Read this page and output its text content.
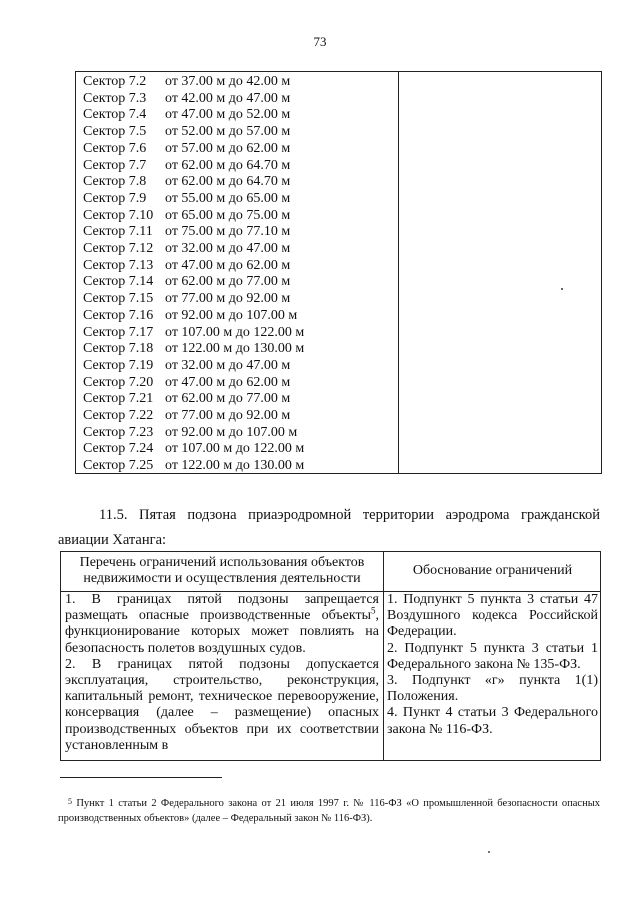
73
Сектор 7.2 от 37.00 м до 42.00 м
Сектор 7.3 от 42.00 м до 47.00 м
Сектор 7.4 от 47.00 м до 52.00 м
Сектор 7.5 от 52.00 м до 57.00 м
Сектор 7.6 от 57.00 м до 62.00 м
Сектор 7.7 от 62.00 м до 64.70 м
Сектор 7.8 от 62.00 м до 64.70 м
Сектор 7.9 от 55.00 м до 65.00 м
Сектор 7.10 от 65.00 м до 75.00 м
Сектор 7.11 от 75.00 м до 77.10 м
Сектор 7.12 от 32.00 м до 47.00 м
Сектор 7.13 от 47.00 м до 62.00 м
Сектор 7.14 от 62.00 м до 77.00 м
Сектор 7.15 от 77.00 м до 92.00 м
Сектор 7.16 от 92.00 м до 107.00 м
Сектор 7.17 от 107.00 м до 122.00 м
Сектор 7.18 от 122.00 м до 130.00 м
Сектор 7.19 от 32.00 м до 47.00 м
Сектор 7.20 от 47.00 м до 62.00 м
Сектор 7.21 от 62.00 м до 77.00 м
Сектор 7.22 от 77.00 м до 92.00 м
Сектор 7.23 от 92.00 м до 107.00 м
Сектор 7.24 от 107.00 м до 122.00 м
Сектор 7.25 от 122.00 м до 130.00 м
11.5. Пятая подзона приаэродромной территории аэродрома гражданской авиации Хатанга:
Перечень ограничений использования объектов недвижимости и осуществления деятельности
Обоснование ограничений

1. В границах пятой подзоны запрещается размещать опасные производственные объекты$^5$, функционирование которых может повлиять на безопасность полетов воздушных судов.

2. В границах пятой подзоны допускается эксплуатация, строительство, реконструкция, капитальный ремонт, техническое перевооружение, консервация (далее – размещение) опасных производственных объектов при их соответствии установленным в

1. Подпункт 5 пункта 3 статьи 47 Воздушного кодекса Российской Федерации.

2. Подпункт 5 пункта 3 статьи 1 Федерального закона № 135-ФЗ.

3. Подпункт «г» пункта 1(1) Положения.

4. Пункт 4 статьи 3 Федерального закона № 116-ФЗ.

$^5$ Пункт 1 статьи 2 Федерального закона от 21 июля 1997 г. № 116-ФЗ «О промышленной безопасности опасных производственных объектов» (далее – Федеральный закон № 116-ФЗ).
